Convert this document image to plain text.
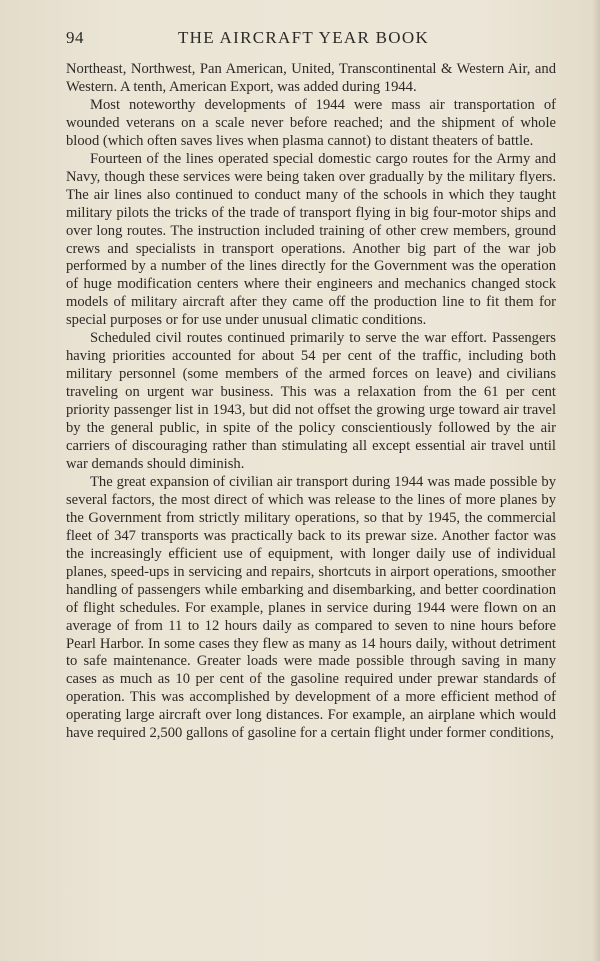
94	THE AIRCRAFT YEAR BOOK

Northeast, Northwest, Pan American, United, Transcontinental & Western Air, and Western. A tenth, American Export, was added during 1944.

Most noteworthy developments of 1944 were mass air transportation of wounded veterans on a scale never before reached; and the shipment of whole blood (which often saves lives when plasma cannot) to distant theaters of battle.

Fourteen of the lines operated special domestic cargo routes for the Army and Navy, though these services were being taken over gradually by the military flyers. The air lines also continued to conduct many of the schools in which they taught military pilots the tricks of the trade of transport flying in big four-motor ships and over long routes. The instruction included training of other crew members, ground crews and specialists in transport operations. Another big part of the war job performed by a number of the lines directly for the Government was the operation of huge modification centers where their engineers and mechanics changed stock models of military aircraft after they came off the production line to fit them for special purposes or for use under unusual climatic conditions.

Scheduled civil routes continued primarily to serve the war effort. Passengers having priorities accounted for about 54 per cent of the traffic, including both military personnel (some members of the armed forces on leave) and civilians traveling on urgent war business. This was a relaxation from the 61 per cent priority passenger list in 1943, but did not offset the growing urge toward air travel by the general public, in spite of the policy conscientiously followed by the air carriers of discouraging rather than stimulating all except essential air travel until war demands should diminish.

The great expansion of civilian air transport during 1944 was made possible by several factors, the most direct of which was release to the lines of more planes by the Government from strictly military operations, so that by 1945, the commercial fleet of 347 transports was practically back to its prewar size. Another factor was the increasingly efficient use of equipment, with longer daily use of individual planes, speed-ups in servicing and repairs, shortcuts in airport operations, smoother handling of passengers while embarking and disembarking, and better coordination of flight schedules. For example, planes in service during 1944 were flown on an average of from 11 to 12 hours daily as compared to seven to nine hours before Pearl Harbor. In some cases they flew as many as 14 hours daily, without detriment to safe maintenance. Greater loads were made possible through saving in many cases as much as 10 per cent of the gasoline required under prewar standards of operation. This was accomplished by development of a more efficient method of operating large aircraft over long distances. For example, an airplane which would have required 2,500 gallons of gasoline for a certain flight under former conditions,
